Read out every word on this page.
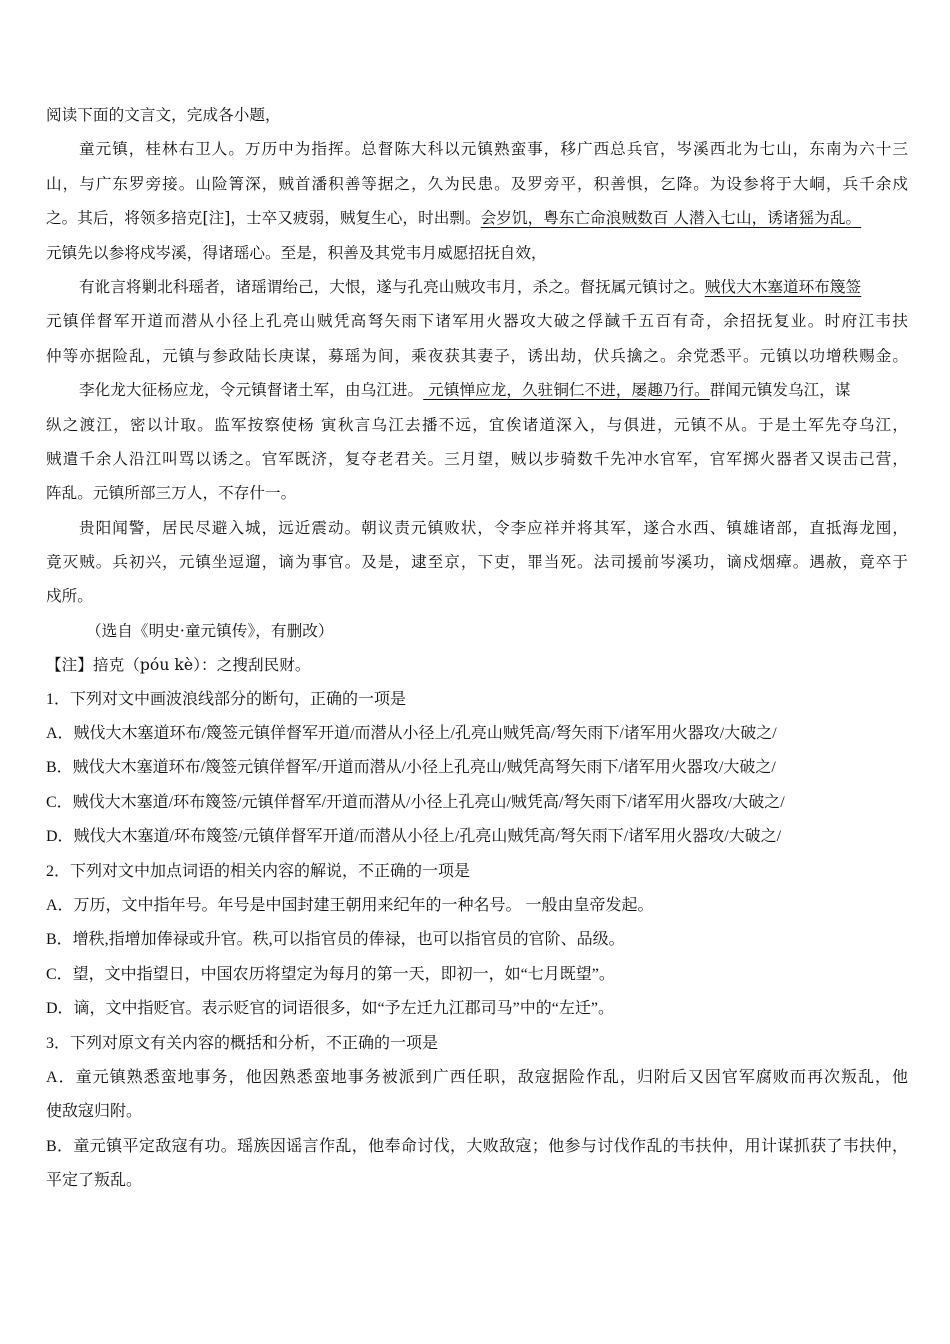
阅读下面的文言文，完成各小题，
童元镇，桂林右卫人。万历中为指挥。总督陈大科以元镇熟蛮事，移广西总兵官，岑溪西北为七山，东南为六十三
山，与广东罗旁接。山险箐深，贼首潘积善等据之，久为民患。及罗旁平，积善惧，乞降。为设参将于大峒，兵千余戍
之。其后，将领多掊克[注]，士卒又疲弱，贼复生心，时出剽。会岁饥，粤东亡命浪贼数百 人潜入七山，诱诸猺为乱。
元镇先以参将戍岑溪，得诸瑶心。至是，积善及其党韦月威愿招抚自效，
有讹言将剿北科瑶者，诸瑶谓绐己，大恨，遂与孔亮山贼攻韦月，杀之。督抚属元镇讨之。贼伐大木塞道环布篾签
元镇佯督军开道而潜从小径上孔亮山贼凭高弩矢雨下诸军用火器攻大破之俘馘千五百有奇，余招抚复业。时府江韦扶
仲等亦据险乱，元镇与参政陆长庚谋，募瑶为间，乘夜获其妻子，诱出劫，伏兵擒之。余党悉平。元镇以功增秩赐金。
李化龙大征杨应龙，令元镇督诸土军，由乌江进。 元镇惮应龙，久驻铜仁不进，屡趣乃行。群闻元镇发乌江，谋
纵之渡江，密以计取。监军按察使杨 寅秋言乌江去播不远，宜俟诸道深入，与俱进，元镇不从。于是土军先夺乌江，
贼遣千余人沿江叫骂以诱之。官军既济，复夺老君关。三月望，贼以步骑数千先冲水官军，官军掷火器者又误击己营，
阵乱。元镇所部三万人，不存什一。
贵阳闻警，居民尽避入城，远近震动。朝议责元镇败状，令李应祥并将其军，遂合水西、镇雄诸部，直抵海龙囤，
竟灭贼。兵初兴，元镇坐逗遛，谪为事官。及是，逮至京，下吏，罪当死。法司援前岑溪功，谪戍烟瘴。遇赦，竟卒于
戍所。
（选自《明史·童元镇传》，有删改）
【注】掊克（póu kè）：之搜刮民财。
1．下列对文中画波浪线部分的断句，正确的一项是
A．贼伐大木塞道环布/篾签元镇佯督军开道/而潜从小径上/孔亮山贼凭高/弩矢雨下/诸军用火器攻/大破之/
B．贼伐大木塞道环布/篾签元镇佯督军/开道而潜从/小径上孔亮山/贼凭高弩矢雨下/诸军用火器攻/大破之/
C．贼伐大木塞道/环布篾签/元镇佯督军/开道而潜从/小径上孔亮山/贼凭高/弩矢雨下/诸军用火器攻/大破之/
D．贼伐大木塞道/环布篾签/元镇佯督军开道/而潜从小径上/孔亮山贼凭高/弩矢雨下/诸军用火器攻/大破之/
2．下列对文中加点词语的相关内容的解说，不正确的一项是
A．万历，文中指年号。年号是中国封建王朝用来纪年的一种名号。 一般由皇帝发起。
B．增秩,指增加俸禄或升官。秩,可以指官员的俸禄，也可以指官员的官阶、品级。
C．望，文中指望日，中国农历将望定为每月的第一天，即初一，如“七月既望”。
D．谪，文中指贬官。表示贬官的词语很多，如“予左迁九江郡司马”中的“左迁”。
3．下列对原文有关内容的概括和分析，不正确的一项是
A．童元镇熟悉蛮地事务，他因熟悉蛮地事务被派到广西任职，敌寇据险作乱，归附后又因官军腐败而再次叛乱，他
使敌寇归附。
B．童元镇平定敌寇有功。瑶族因谣言作乱，他奉命讨伐，大败敌寇；他参与讨伐作乱的韦扶仲，用计谋抓获了韦扶仲，
平定了叛乱。
